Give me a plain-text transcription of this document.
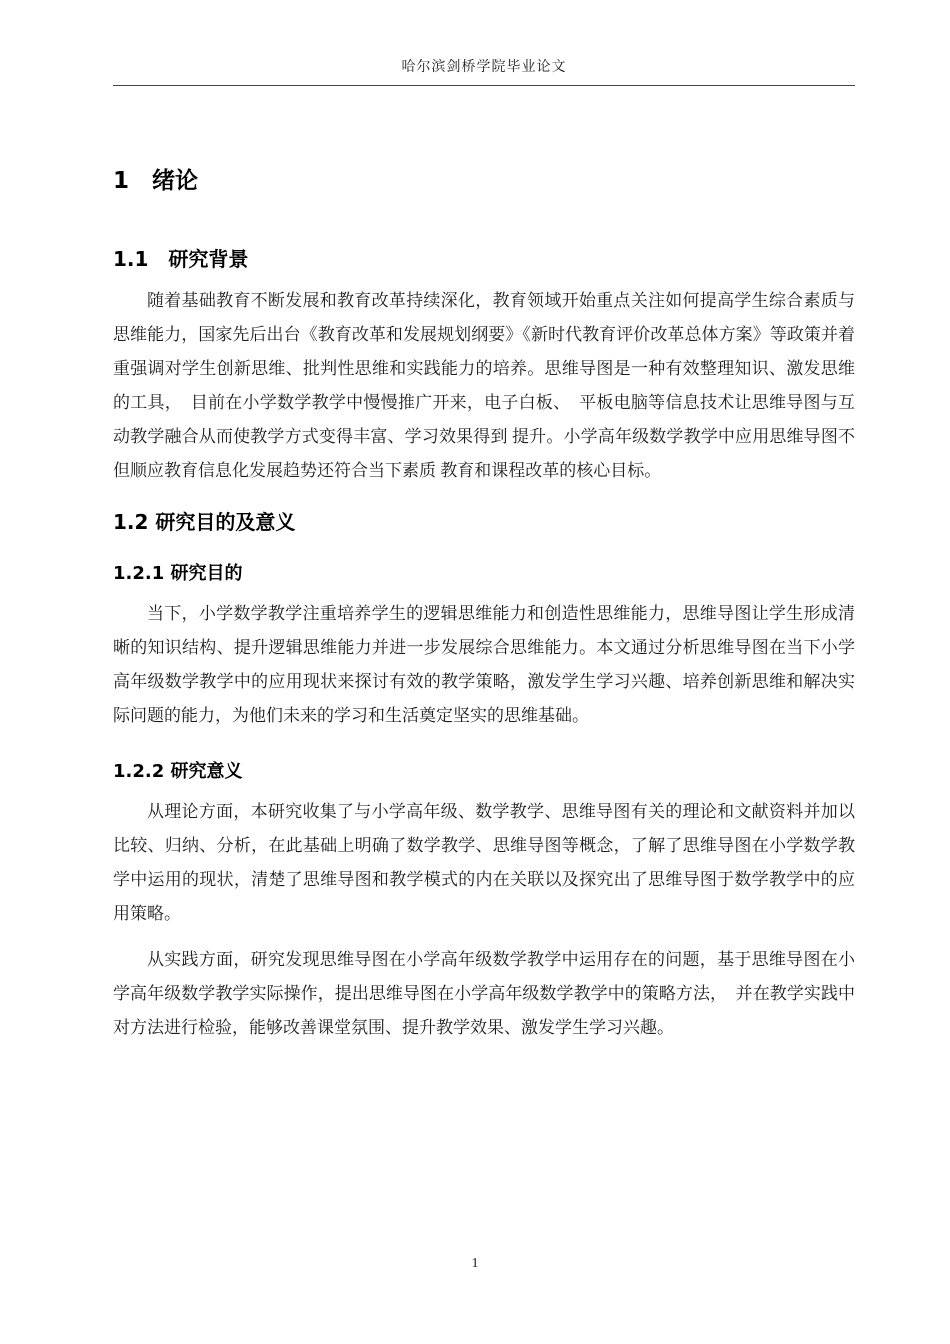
哈尔滨剑桥学院毕业论文
1　绪论
1.1　研究背景

随着基础教育不断发展和教育改革持续深化，教育领域开始重点关注如何提高学生综合素质与思维能力，国家先后出台《教育改革和发展规划纲要》《新时代教育评价改革总体方案》等政策并着重强调对学生创新思维、批判性思维和实践能力的培养。思维导图是一种有效整理知识、激发思维的工具，　目前在小学数学教学中慢慢推广开来，电子白板、　平板电脑等信息技术让思维导图与互动教学融合从而使教学方式变得丰富、学习效果得到 提升。小学高年级数学教学中应用思维导图不但顺应教育信息化发展趋势还符合当下素质 教育和课程改革的核心目标。

1.2 研究目的及意义
1.2.1 研究目的

当下，小学数学教学注重培养学生的逻辑思维能力和创造性思维能力，思维导图让学生形成清晰的知识结构、提升逻辑思维能力并进一步发展综合思维能力。本文通过分析思维导图在当下小学高年级数学教学中的应用现状来探讨有效的教学策略，激发学生学习兴趣、培养创新思维和解决实际问题的能力，为他们未来的学习和生活奠定坚实的思维基础。

1.2.2 研究意义

从理论方面，本研究收集了与小学高年级、数学教学、思维导图有关的理论和文献资料并加以比较、归纳、分析，在此基础上明确了数学教学、思维导图等概念，了解了思维导图在小学数学教学中运用的现状，清楚了思维导图和教学模式的内在关联以及探究出了思维导图于数学教学中的应用策略。

从实践方面，研究发现思维导图在小学高年级数学教学中运用存在的问题，基于思维导图在小学高年级数学教学实际操作，提出思维导图在小学高年级数学教学中的策略方法，　并在教学实践中对方法进行检验，能够改善课堂氛围、提升教学效果、激发学生学习兴趣。

1
